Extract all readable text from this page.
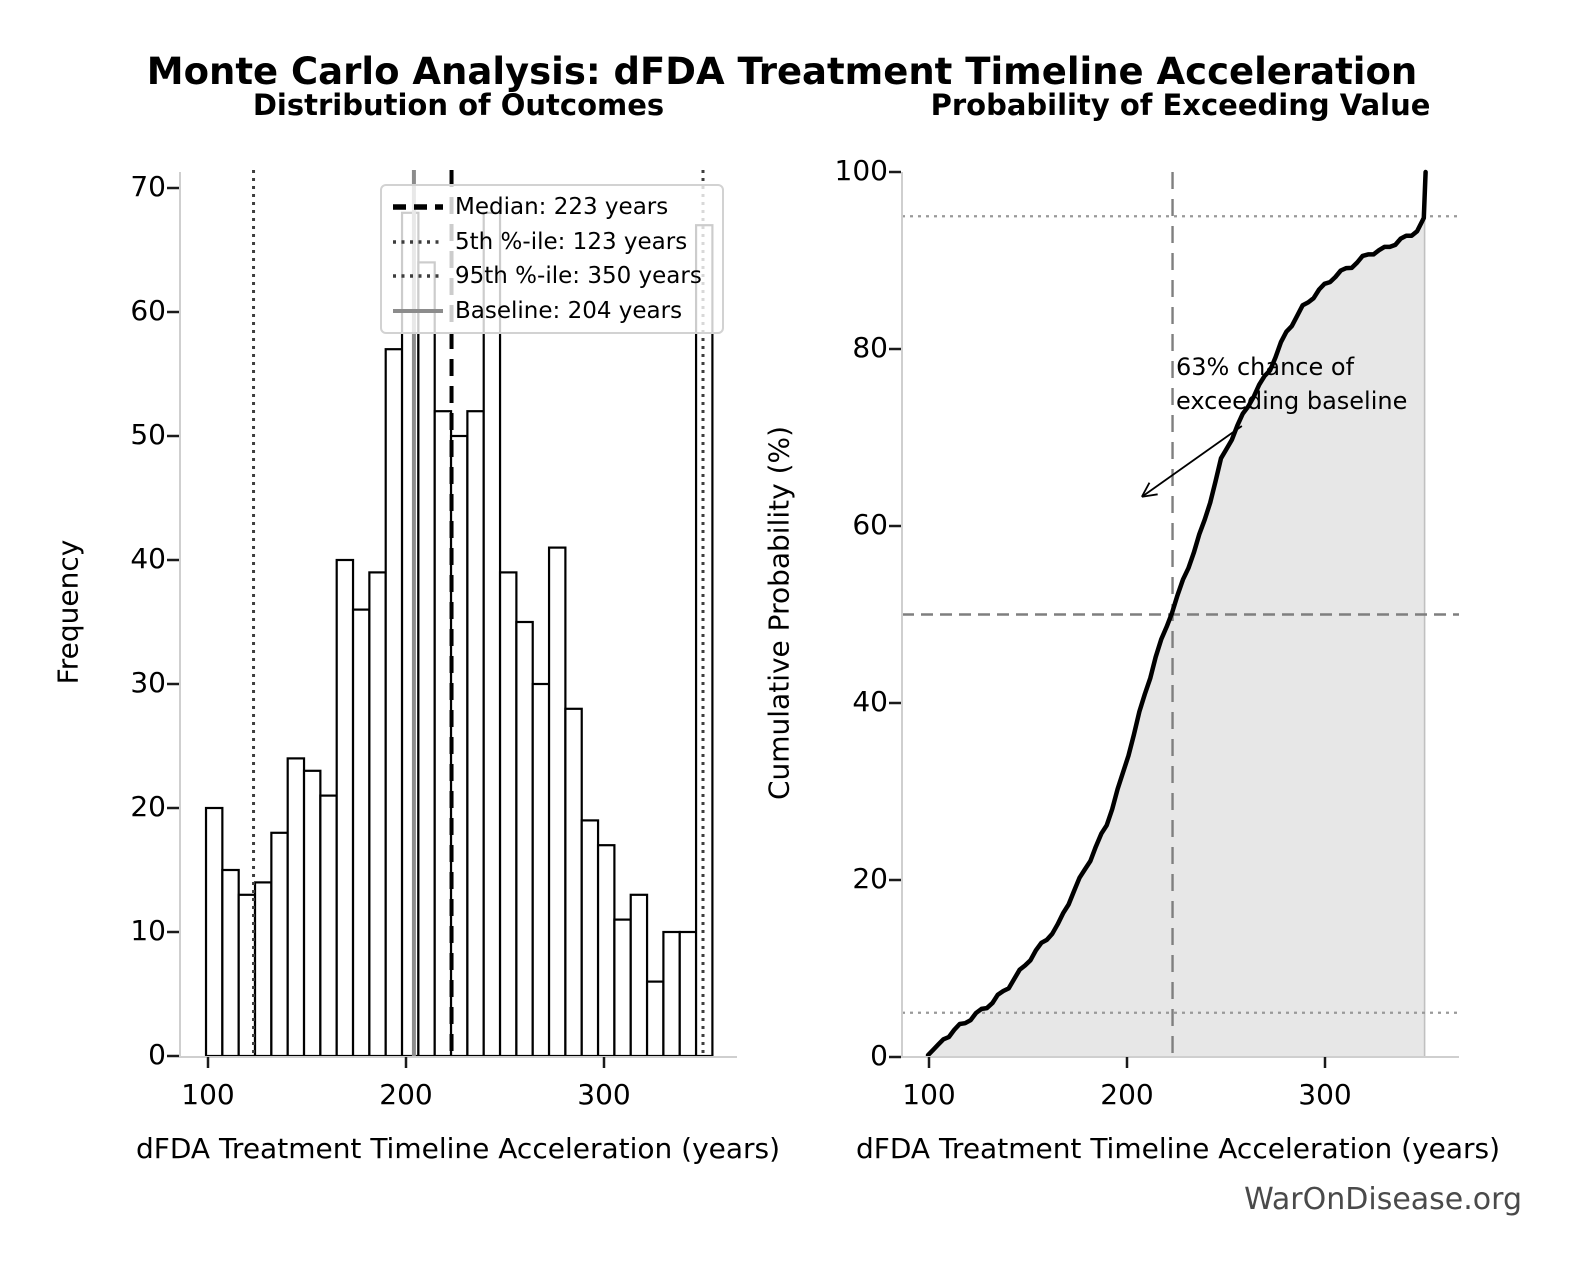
Monte Carlo Analysis: dFDA Treatment Timeline Acceleration
Distribution of Outcomes	Probability of Exceeding Value
dFDA Treatment Timeline Acceleration (years)	dFDA Treatment Timeline Acceleration (years)
Frequency	Cumulative Probability (%)
Median: 223 years
5th %-ile: 123 years
95th %-ile: 350 years
Baseline: 204 years
63% chance of
exceeding baseline
WarOnDisease.org
100	200	300	100	200	300
0
10
20
30
40
50
60
70
0
20
40
60
80
100
